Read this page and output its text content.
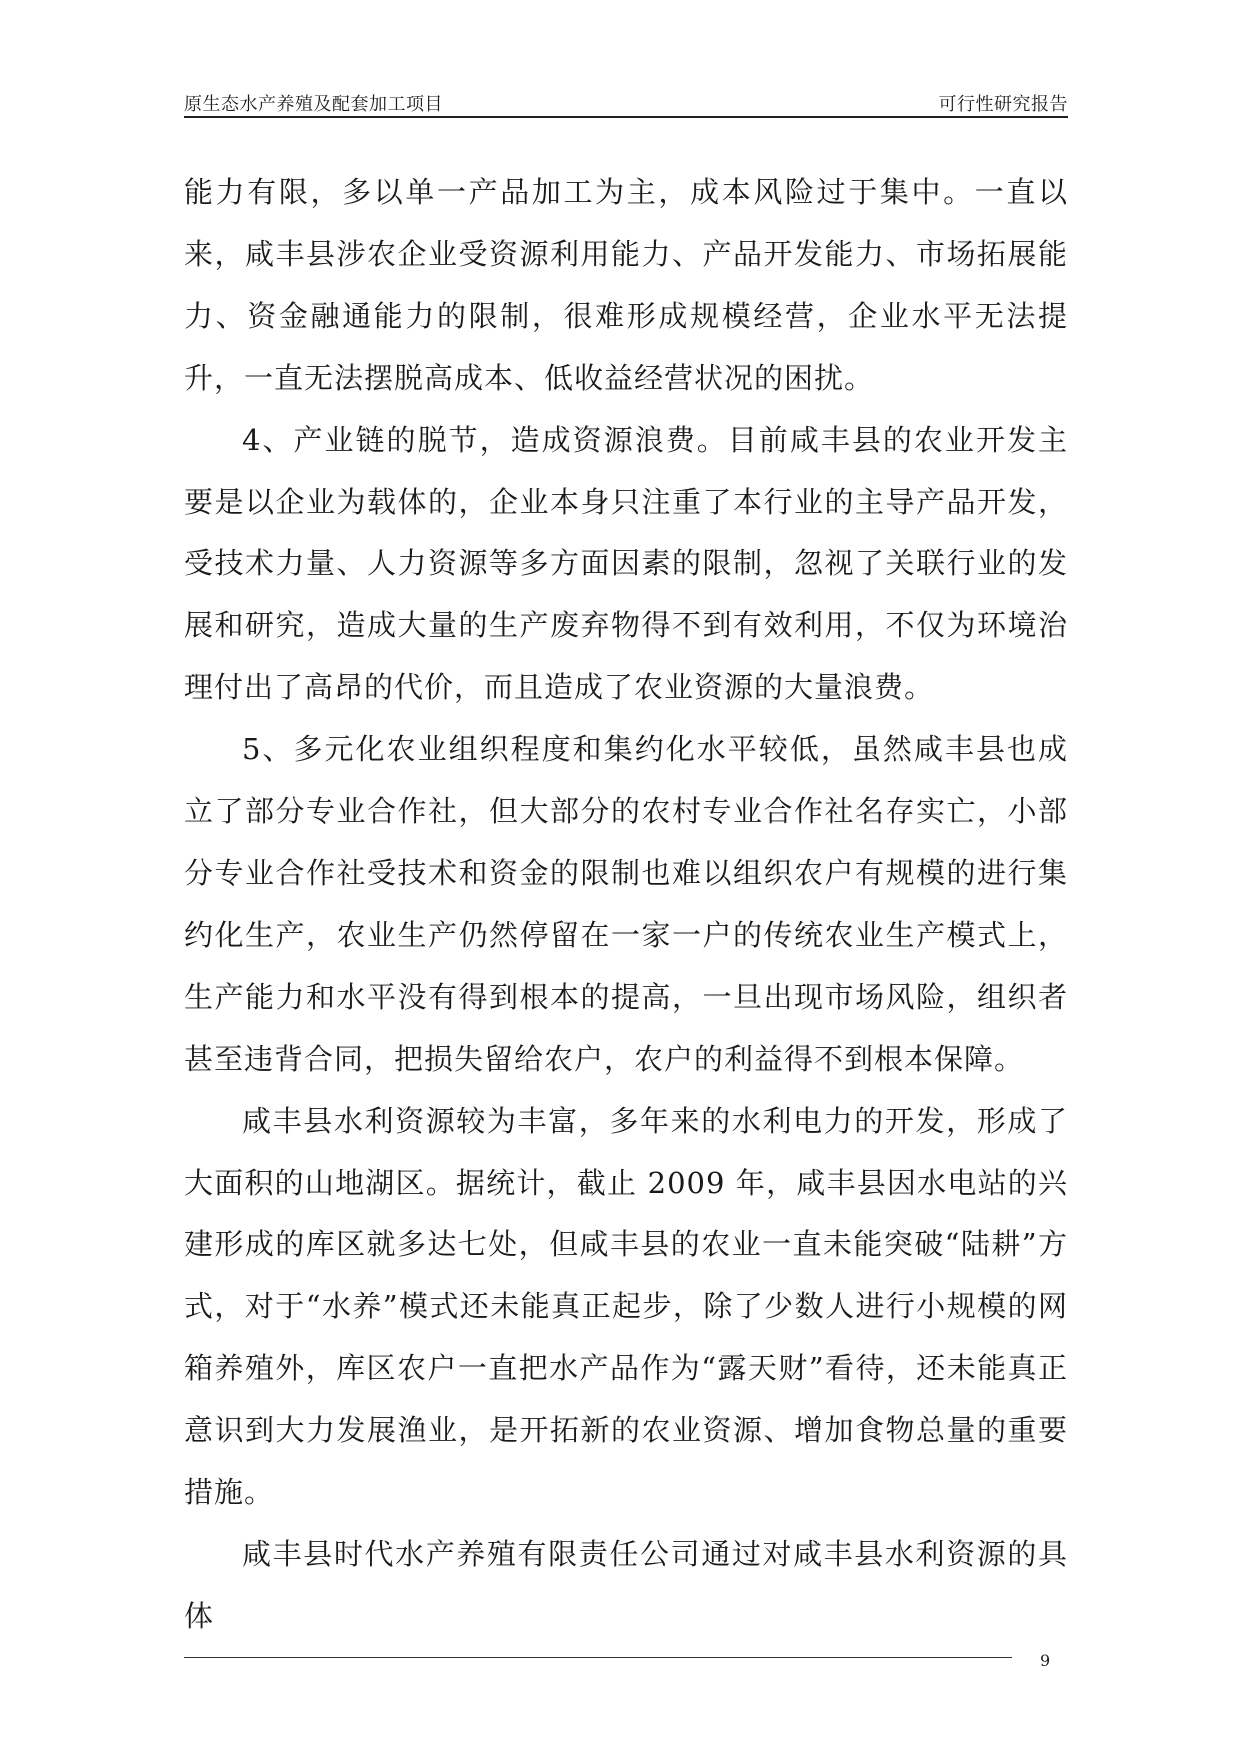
原生态水产养殖及配套加工项目	可行性研究报告

能力有限，多以单一产品加工为主，成本风险过于集中。一直以来，咸丰县涉农企业受资源利用能力、产品开发能力、市场拓展能力、资金融通能力的限制，很难形成规模经营，企业水平无法提升，一直无法摆脱高成本、低收益经营状况的困扰。

4、产业链的脱节，造成资源浪费。目前咸丰县的农业开发主要是以企业为载体的，企业本身只注重了本行业的主导产品开发，受技术力量、人力资源等多方面因素的限制，忽视了关联行业的发展和研究，造成大量的生产废弃物得不到有效利用，不仅为环境治理付出了高昂的代价，而且造成了农业资源的大量浪费。

5、多元化农业组织程度和集约化水平较低，虽然咸丰县也成立了部分专业合作社，但大部分的农村专业合作社名存实亡，小部分专业合作社受技术和资金的限制也难以组织农户有规模的进行集约化生产，农业生产仍然停留在一家一户的传统农业生产模式上，生产能力和水平没有得到根本的提高，一旦出现市场风险，组织者甚至违背合同，把损失留给农户，农户的利益得不到根本保障。

咸丰县水利资源较为丰富，多年来的水利电力的开发，形成了大面积的山地湖区。据统计，截止 2009 年，咸丰县因水电站的兴建形成的库区就多达七处，但咸丰县的农业一直未能突破“陆耕”方式，对于“水养”模式还未能真正起步，除了少数人进行小规模的网箱养殖外，库区农户一直把水产品作为“露天财”看待，还未能真正意识到大力发展渔业，是开拓新的农业资源、增加食物总量的重要措施。

咸丰县时代水产养殖有限责任公司通过对咸丰县水利资源的具体

9
